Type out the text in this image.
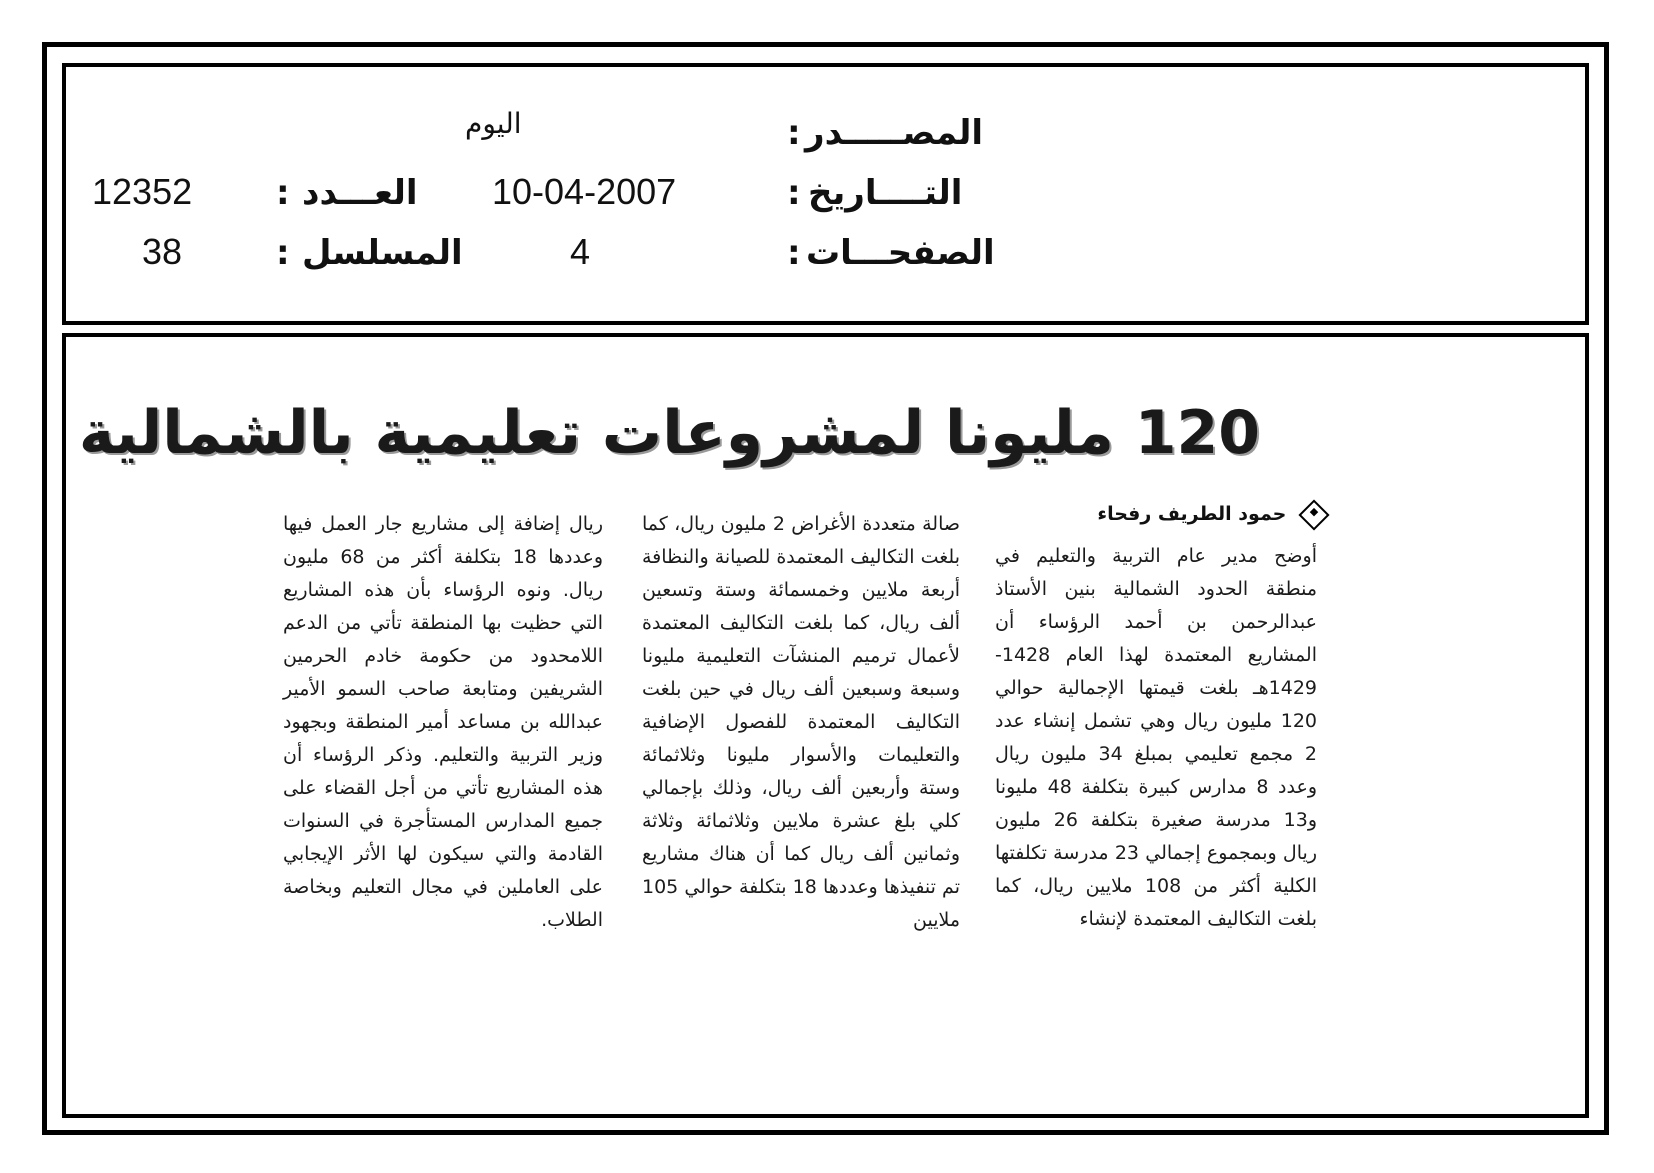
المصـــــدر
:
اليوم
التــــاريخ
:
10-04-2007
الصفحـــات
:
4
العـــدد
:
12352
المسلسل
:
38
120 مليونا لمشروعات تعليمية بالشمالية
حمود الطريف رفحاء

أوضح مدير عام التربية والتعليم في منطقة الحدود الشمالية بنين الأستاذ عبدالرحمن بن أحمد الرؤساء أن المشاريع المعتمدة لهذا العام 1428-1429هـ بلغت قيمتها الإجمالية حوالي 120 مليون ريال وهي تشمل إنشاء عدد 2 مجمع تعليمي بمبلغ 34 مليون ريال وعدد 8 مدارس كبيرة بتكلفة 48 مليونا و13 مدرسة صغيرة بتكلفة 26 مليون ريال وبمجموع إجمالي 23 مدرسة تكلفتها الكلية أكثر من 108 ملايين ريال، كما بلغت التكاليف المعتمدة لإنشاء

صالة متعددة الأغراض 2 مليون ريال، كما بلغت التكاليف المعتمدة للصيانة والنظافة أربعة ملايين وخمسمائة وستة وتسعين ألف ريال، كما بلغت التكاليف المعتمدة لأعمال ترميم المنشآت التعليمية مليونا وسبعة وسبعين ألف ريال في حين بلغت التكاليف المعتمدة للفصول الإضافية والتعليمات والأسوار مليونا وثلاثمائة وستة وأربعين ألف ريال، وذلك بإجمالي كلي بلغ عشرة ملايين وثلاثمائة وثلاثة وثمانين ألف ريال كما أن هناك مشاريع تم تنفيذها وعددها 18 بتكلفة حوالي 105 ملايين

ريال إضافة إلى مشاريع جار العمل فيها وعددها 18 بتكلفة أكثر من 68 مليون ريال. ونوه الرؤساء بأن هذه المشاريع التي حظيت بها المنطقة تأتي من الدعم اللامحدود من حكومة خادم الحرمين الشريفين ومتابعة صاحب السمو الأمير عبدالله بن مساعد أمير المنطقة وبجهود وزير التربية والتعليم. وذكر الرؤساء أن هذه المشاريع تأتي من أجل القضاء على جميع المدارس المستأجرة في السنوات القادمة والتي سيكون لها الأثر الإيجابي على العاملين في مجال التعليم وبخاصة الطلاب.
